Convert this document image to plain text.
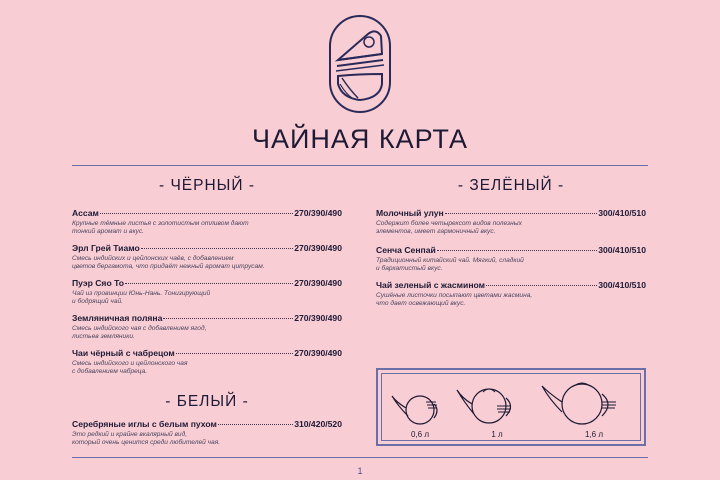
ЧАЙНАЯ КАРТА
- ЧЁРНЫЙ -
Ассам	270/390/490
Крупные тёмные листья с золотистым отливом дают
тонкий аромат и вкус.
Эрл Грей Тиамо	270/390/490
Смесь индийских и цейлонских чаёв, с добавлением
цветов бергамота, что придаёт нежный аромат цитрусам.
Пуэр Сяо То	270/390/490
Чай из провинции Юнь-Нань. Тонизирующий
и бодрящий чай.
Земляничная поляна	270/390/490
Смесь индийского чая с добавлением ягод,
листьев земляники.
Чаи чёрный с чабрецом	270/390/490
Смесь индийского и цейлонского чая
с добавлением чабреца.
- БЕЛЫЙ -
Серебряные иглы с белым пухом	310/420/520
Это редкий и крайне вкалярный вид,
который очень ценится среди любителей чая.
- ЗЕЛЁНЫЙ -
Молочный улун	300/410/510
Содержит более четырехсот видов полезных
элементов, имеет гармоничный вкус.
Сенча Сенпай	300/410/510
Традиционный китайский чай. Мягкий, сладкий
и бархатистый вкус.
Чай зеленый с жасмином	300/410/510
Сушёные листочки посыпают цветами жасмина,
что дает освежающий вкус.
0,6 л	1 л	1,6 л
1
